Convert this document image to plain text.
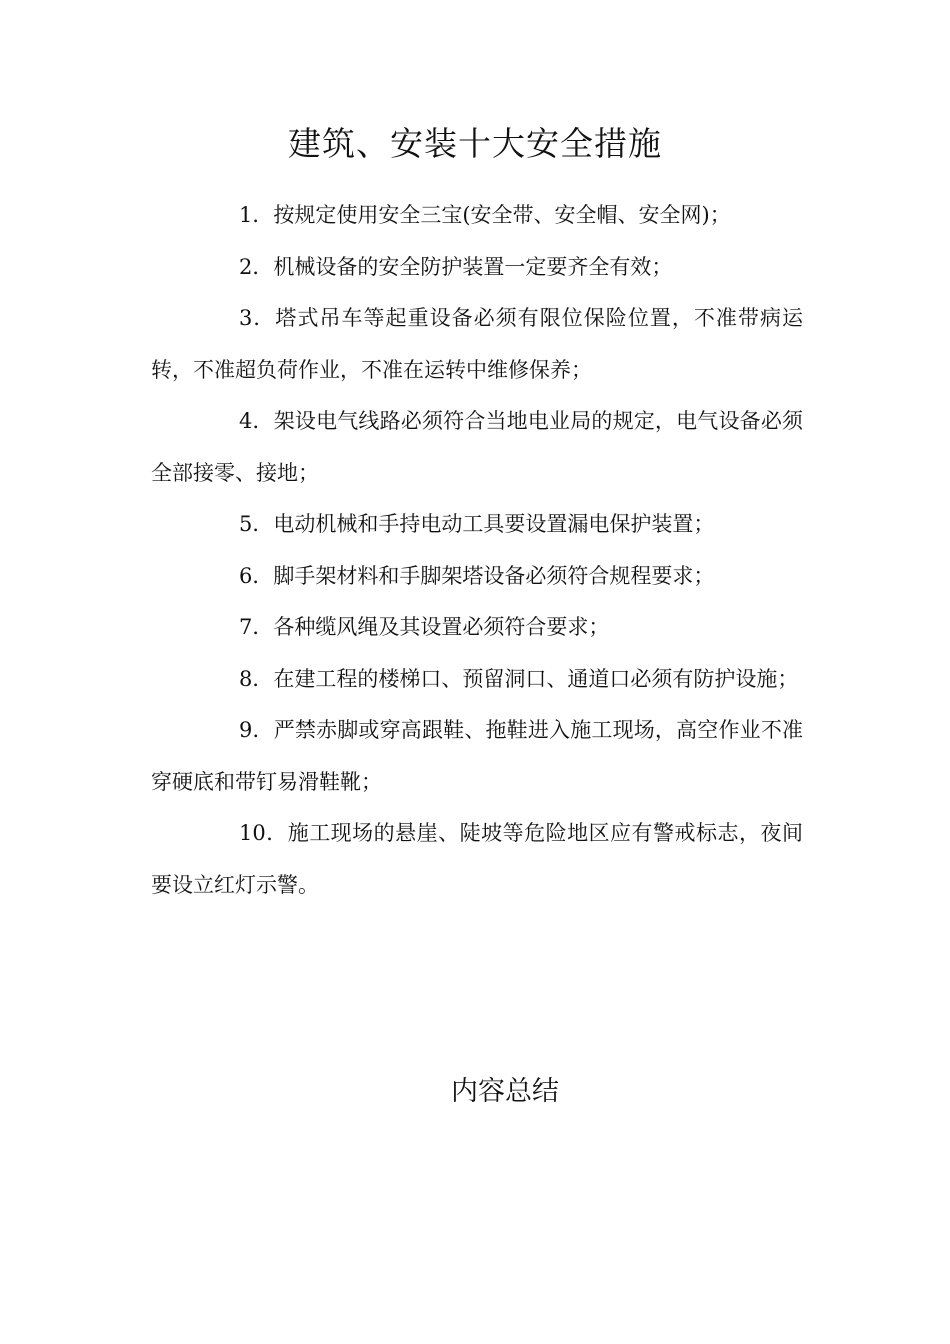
建筑、安装十大安全措施

1．按规定使用安全三宝(安全带、安全帽、安全网)；

2．机械设备的安全防护装置一定要齐全有效；

3．塔式吊车等起重设备必须有限位保险位置，不准带病运转，不准超负荷作业，不准在运转中维修保养；

4．架设电气线路必须符合当地电业局的规定，电气设备必须全部接零、接地；

5．电动机械和手持电动工具要设置漏电保护装置；

6．脚手架材料和手脚架塔设备必须符合规程要求；

7．各种缆风绳及其设置必须符合要求；

8．在建工程的楼梯口、预留洞口、通道口必须有防护设施；

9．严禁赤脚或穿高跟鞋、拖鞋进入施工现场，高空作业不准穿硬底和带钉易滑鞋靴；

10．施工现场的悬崖、陡坡等危险地区应有警戒标志，夜间要设立红灯示警。

内容总结
